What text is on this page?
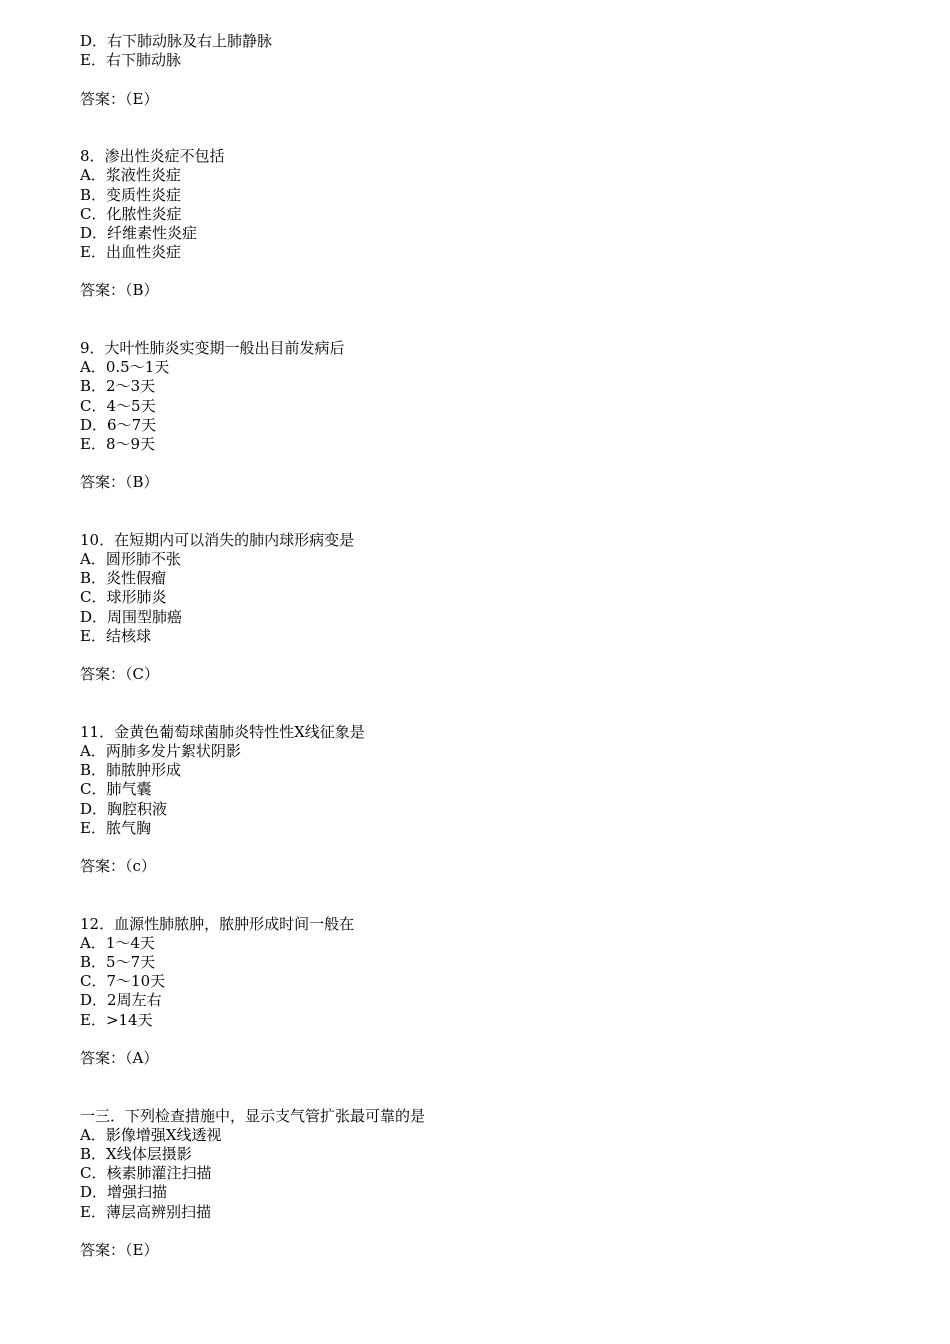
D．右下肺动脉及右上肺静脉
E．右下肺动脉
答案：（E）
8．渗出性炎症不包括
A．浆液性炎症
B．变质性炎症
C．化脓性炎症
D．纤维素性炎症
E．出血性炎症
答案：（B）
9．大叶性肺炎实变期一般出目前发病后
A．0.5～1天
B．2～3天
C．4～5天
D．6～7天
E．8～9天
答案：（B）
10．在短期内可以消失的肺内球形病变是
A．圆形肺不张
B．炎性假瘤
C．球形肺炎
D．周围型肺癌
E．结核球
答案：（C）
11．金黄色葡萄球菌肺炎特性性X线征象是
A．两肺多发片絮状阴影
B．肺脓肿形成
C．肺气囊
D．胸腔积液
E．脓气胸
答案：（c）
12．血源性肺脓肿，脓肿形成时间一般在
A．1～4天
B．5～7天
C．7～10天
D．2周左右
E．>14天
答案：（A）
一三．下列检查措施中，显示支气管扩张最可靠的是
A．影像增强X线透视
B．X线体层摄影
C．核素肺灌注扫描
D．增强扫描
E．薄层高辨别扫描
答案：（E）
